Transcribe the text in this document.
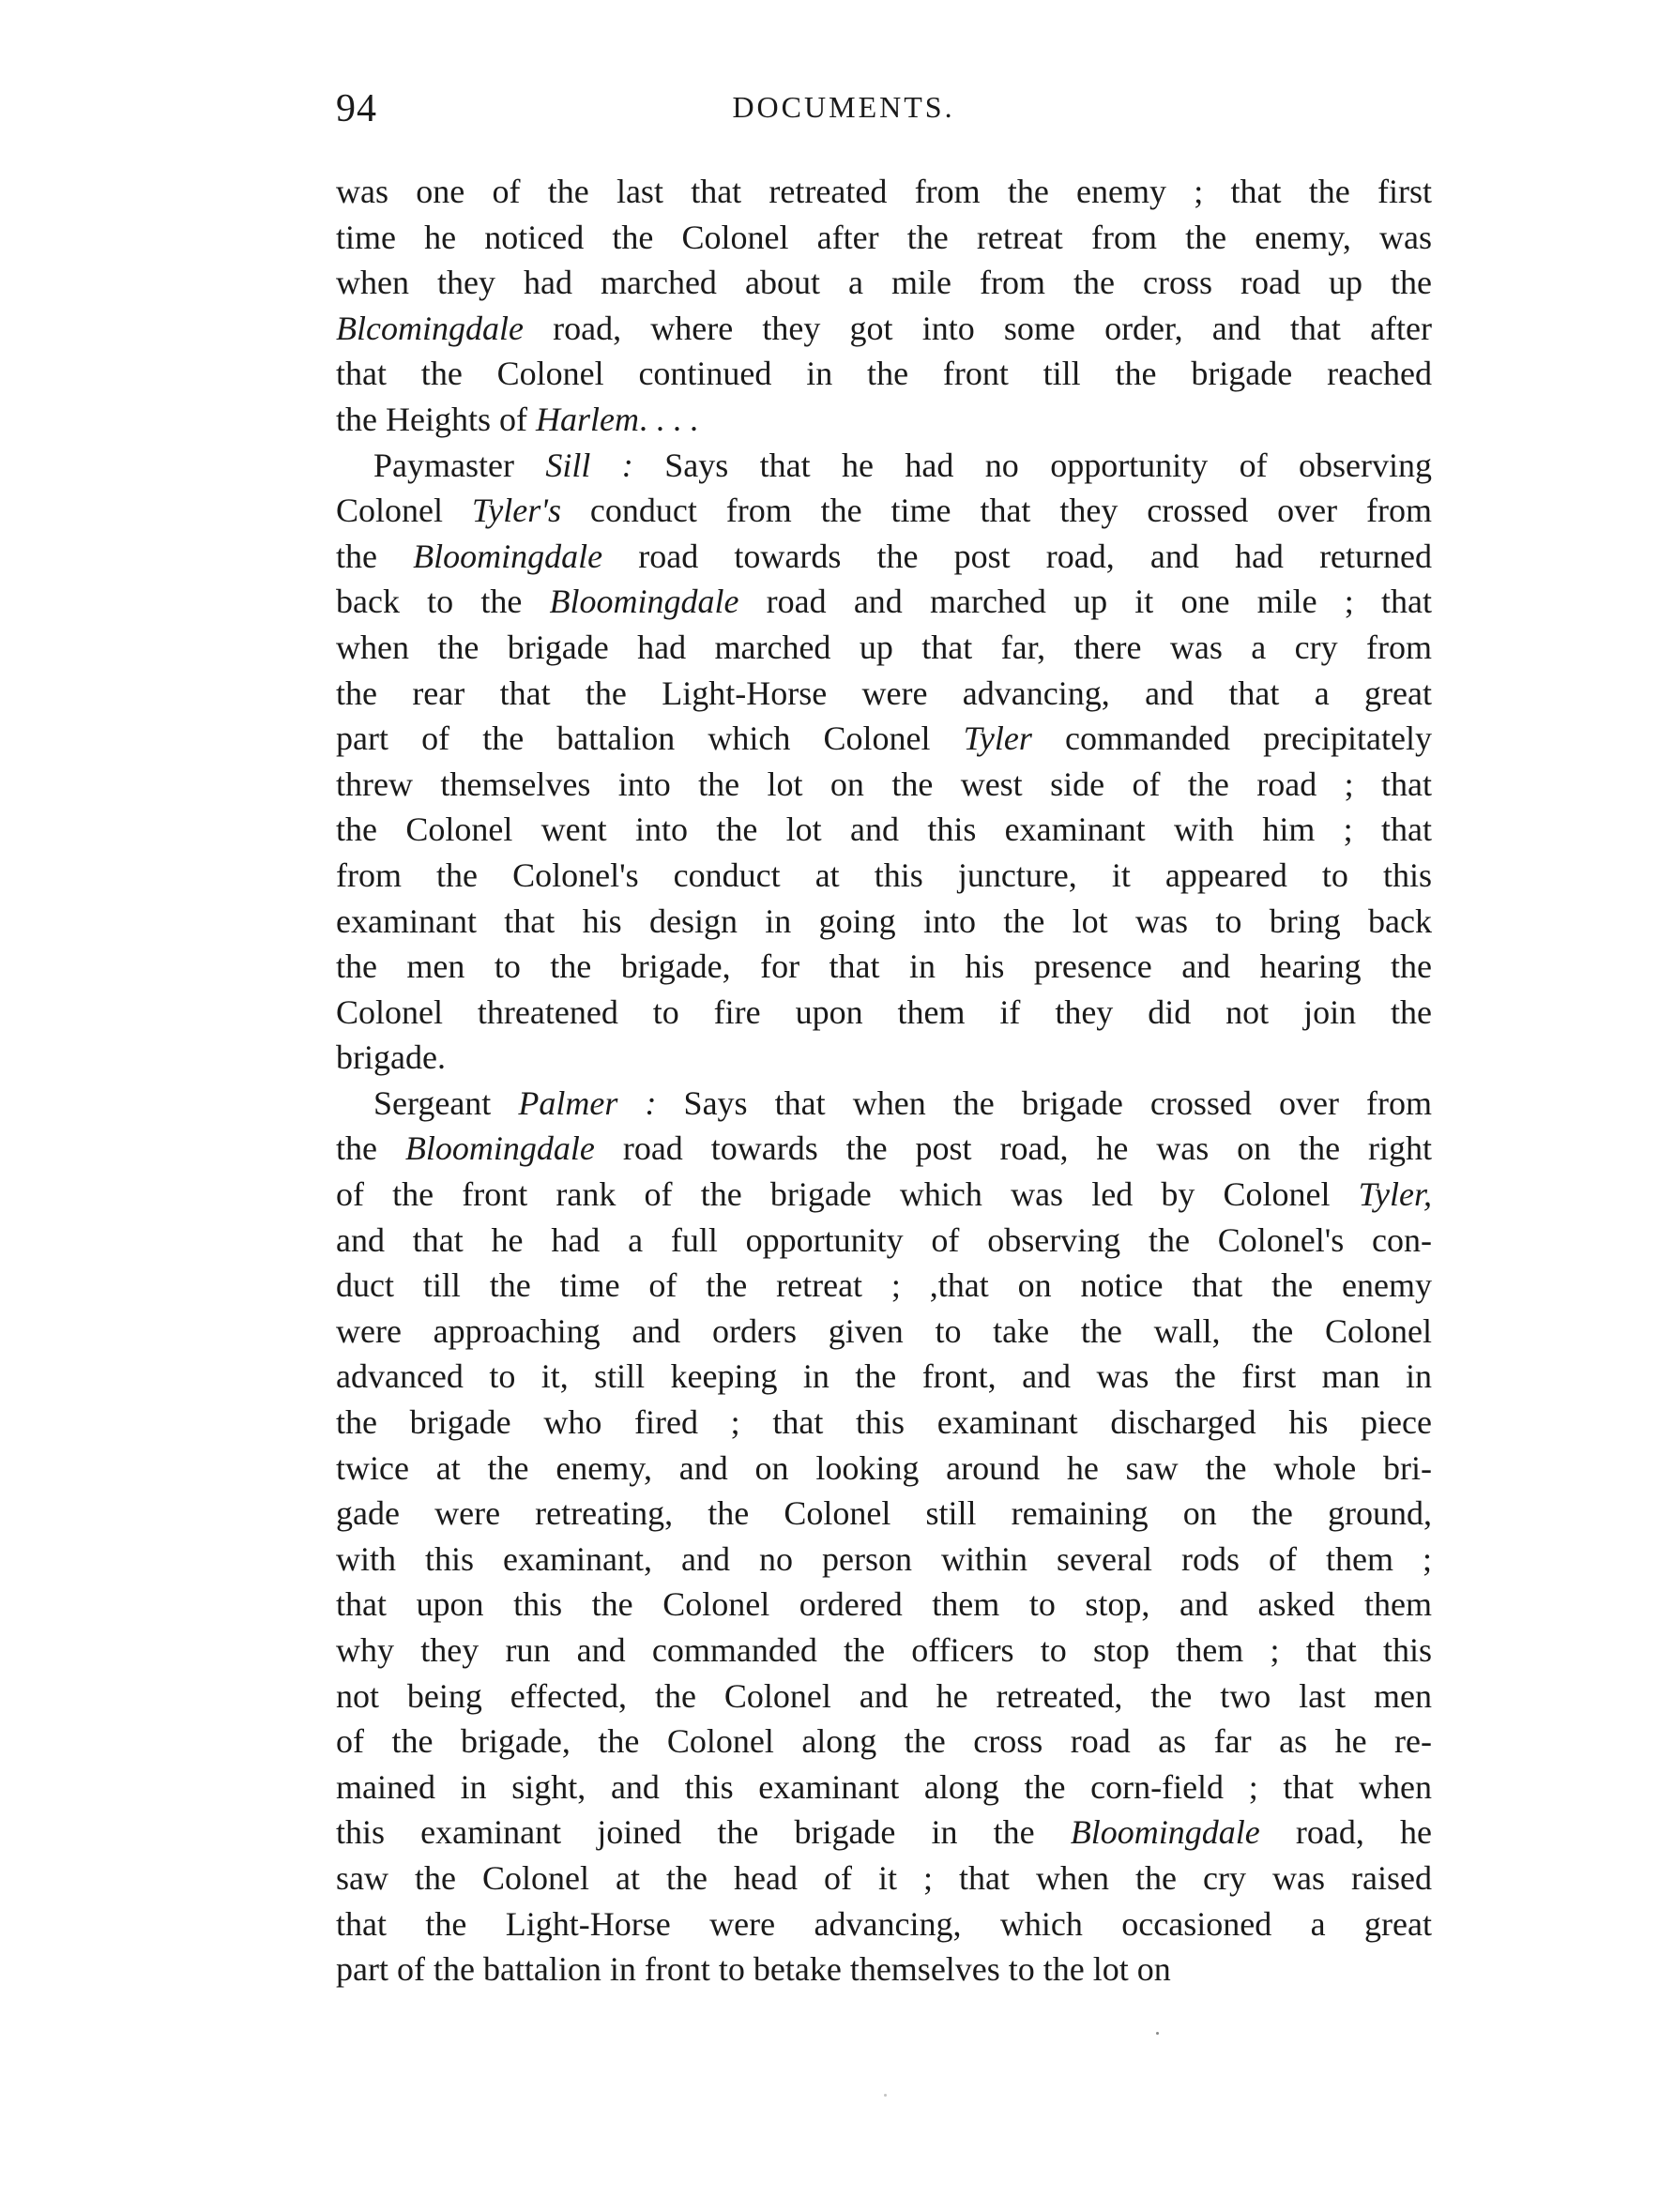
94	DOCUMENTS.
was one of the last that retreated from the enemy ; that the first
time he noticed the Colonel after the retreat from the enemy, was
when they had marched about a mile from the cross road up the
Blcomingdale road, where they got into some order, and that after
that the Colonel continued in the front till the brigade reached
the Heights of Harlem. . . .
Paymaster Sill : Says that he had no opportunity of observing
Colonel Tyler's conduct from the time that they crossed over from
the Bloomingdale road towards the post road, and had returned
back to the Bloomingdale road and marched up it one mile ; that
when the brigade had marched up that far, there was a cry from
the rear that the Light-Horse were advancing, and that a great
part of the battalion which Colonel Tyler commanded precipitately
threw themselves into the lot on the west side of the road ; that
the Colonel went into the lot and this examinant with him ; that
from the Colonel's conduct at this juncture, it appeared to this
examinant that his design in going into the lot was to bring back
the men to the brigade, for that in his presence and hearing the
Colonel threatened to fire upon them if they did not join the
brigade.
Sergeant Palmer : Says that when the brigade crossed over from
the Bloomingdale road towards the post road, he was on the right
of the front rank of the brigade which was led by Colonel Tyler,
and that he had a full opportunity of observing the Colonel's con-
duct till the time of the retreat ; ,that on notice that the enemy
were approaching and orders given to take the wall, the Colonel
advanced to it, still keeping in the front, and was the first man in
the brigade who fired ; that this examinant discharged his piece
twice at the enemy, and on looking around he saw the whole bri-
gade were retreating, the Colonel still remaining on the ground,
with this examinant, and no person within several rods of them ;
that upon this the Colonel ordered them to stop, and asked them
why they run and commanded the officers to stop them ; that this
not being effected, the Colonel and he retreated, the two last men
of the brigade, the Colonel along the cross road as far as he re-
mained in sight, and this examinant along the corn-field ; that when
this examinant joined the brigade in the Bloomingdale road, he
saw the Colonel at the head of it ; that when the cry was raised
that the Light-Horse were advancing, which occasioned a great
part of the battalion in front to betake themselves to the lot on
